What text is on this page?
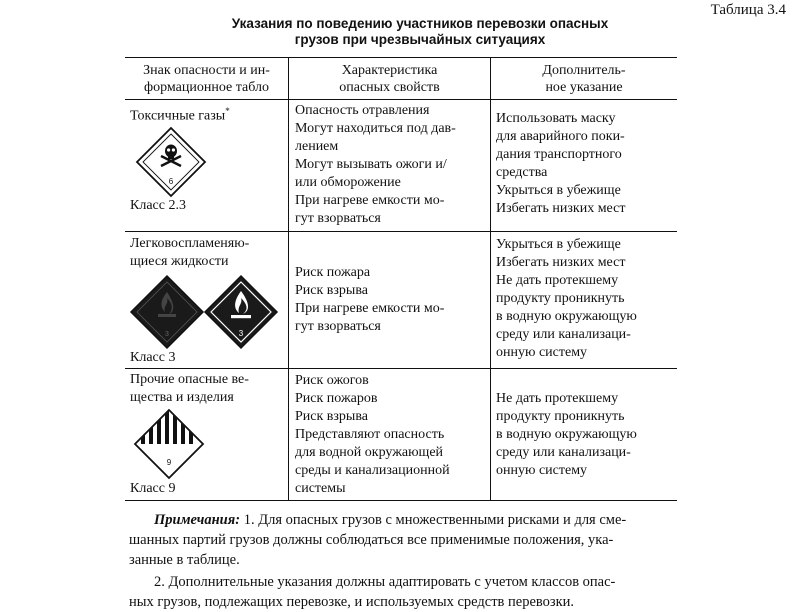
Таблица 3.4
Указания по поведению участников перевозки опасных
грузов при чрезвычайных ситуациях
Знак опасности и ин-
формационное табло
Характеристика
опасных свойств
Дополнитель-
ное указание
Токсичные газы*
6
Класс 2.3

Опасность отравления

Могут находиться под дав-

лением

Могут вызывать ожоги и/

или обморожение

При нагреве емкости мо-

гут взорваться

Использовать маску

для аварийного поки-

дания транспортного

средства

Укрыться в убежище

Избегать низких мест

Легковоспламеняю-

щиеся жидкости

3	3
Класс 3

Риск пожара

Риск взрыва

При нагреве емкости мо-

гут взорваться

Укрыться в убежище

Избегать низких мест

Не дать протекшему

продукту проникнуть

в водную окружающую

среду или канализаци-

онную систему

Прочие опасные ве-

щества и изделия

9
Класс 9

Риск ожогов

Риск пожаров

Риск взрыва

Представляют опасность

для водной окружающей

среды и канализационной

системы

Не дать протекшему

продукту проникнуть

в водную окружающую

среду или канализаци-

онную систему

Примечания: 1. Для опасных грузов с множественными рисками и для сме-
шанных партий грузов должны соблюдаться все применимые положения, ука-
занные в таблице.
2. Дополнительные указания должны адаптировать с учетом классов опас-
ных грузов, подлежащих перевозке, и используемых средств перевозки.
